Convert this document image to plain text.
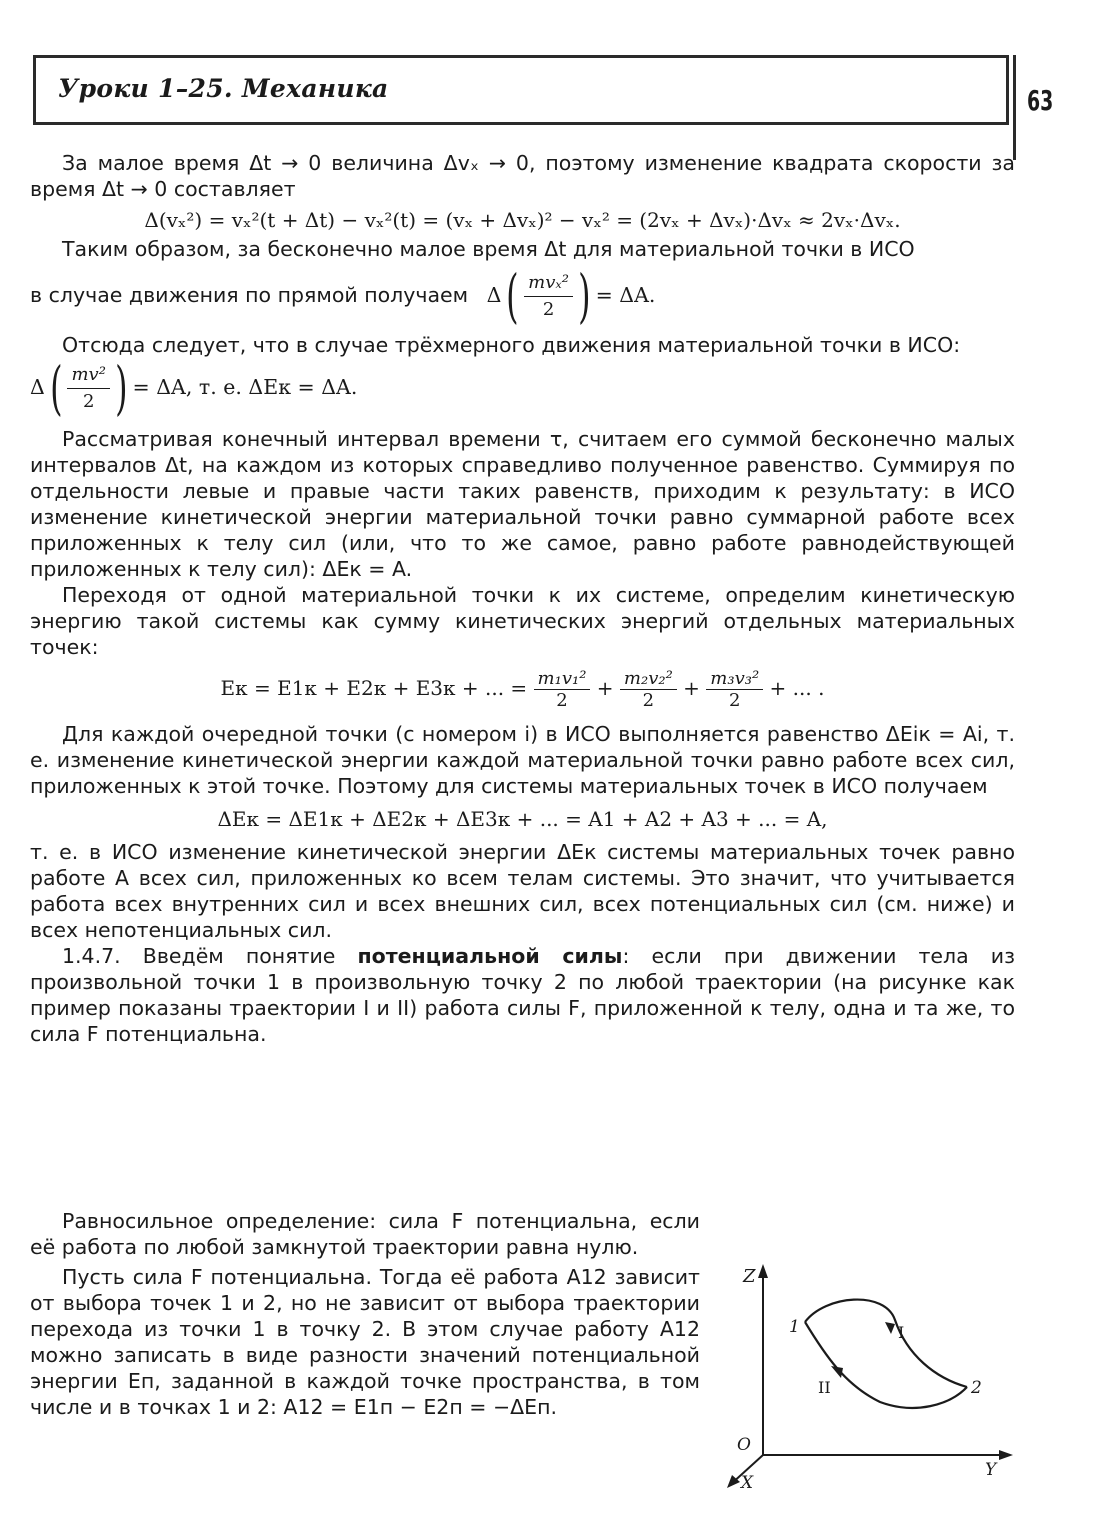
Уроки 1–25. Механика	63

За малое время Δt → 0 величина Δvₓ → 0, поэтому изменение квадрата скорости за время Δt → 0 составляет

Δ(vₓ²) = vₓ²(t + Δt) − vₓ²(t) = (vₓ + Δvₓ)² − vₓ² = (2vₓ + Δvₓ)·Δvₓ ≈ 2vₓ·Δvₓ.

Таким образом, за бесконечно малое время Δt для материальной точки в ИСО

в случае движения по прямой получаем $\Delta( \frac{\text{mvₓ²}}{2}$ ) = ΔA.

Отсюда следует, что в случае трёхмерного движения материальной точки в ИСО:

$\Delta( \frac{\text{mv²}}{2}$ ) = ΔA, т. е. ΔEк = ΔA.

Рассматривая конечный интервал времени τ, считаем его суммой бесконечно малых интервалов Δt, на каждом из которых справедливо полученное равенство. Суммируя по отдельности левые и правые части таких равенств, приходим к результату: в ИСО изменение кинетической энергии материальной точки равно суммарной работе всех приложенных к телу сил (или, что то же самое, равно работе равнодействующей приложенных к телу сил): ΔEк = A.

Переходя от одной материальной точки к их системе, определим кинетическую энергию такой системы как сумму кинетических энергий отдельных материальных точек:

Eк = E1к + E2к + E3к + ... = $\frac{\text{m₁v₁²}}{2} + \frac{\text{m₂v₂²}}{2} + \frac{\text{m₃v₃²}}{2}$ + ... .

Для каждой очередной точки (с номером i) в ИСО выполняется равенство ΔEiк = Ai, т. е. изменение кинетической энергии каждой материальной точки равно работе всех сил, приложенных к этой точке. Поэтому для системы материальных точек в ИСО получаем

ΔEк = ΔE1к + ΔE2к + ΔE3к + ... = A1 + A2 + A3 + ... = A,

т. е. в ИСО изменение кинетической энергии ΔEк системы материальных точек равно работе A всех сил, приложенных ко всем телам системы. Это значит, что учитывается работа всех внутренних сил и всех внешних сил, всех потенциальных сил (см. ниже) и всех непотенциальных сил.

1.4.7. Введём понятие потенциальной силы: если при движении тела из произвольной точки 1 в произвольную точку 2 по любой траектории (на рисунке как пример показаны траектории I и II) работа силы F, приложенной к телу, одна и та же, то сила F потенциальна.

Равносильное определение: сила F потенциальна, если её работа по любой замкнутой траектории равна нулю.

Пусть сила F потенциальна. Тогда её работа A12 зависит от выбора точек 1 и 2, но не зависит от выбора траектории перехода из точки 1 в точку 2. В этом случае работу A12 можно записать в виде разности значений потенциальной энергии Eп, заданной в каждой точке пространства, в том числе и в точках 1 и 2: A12 = E1п − E2п = −ΔEп.

Z
Y
X
O
1
2
I
II
